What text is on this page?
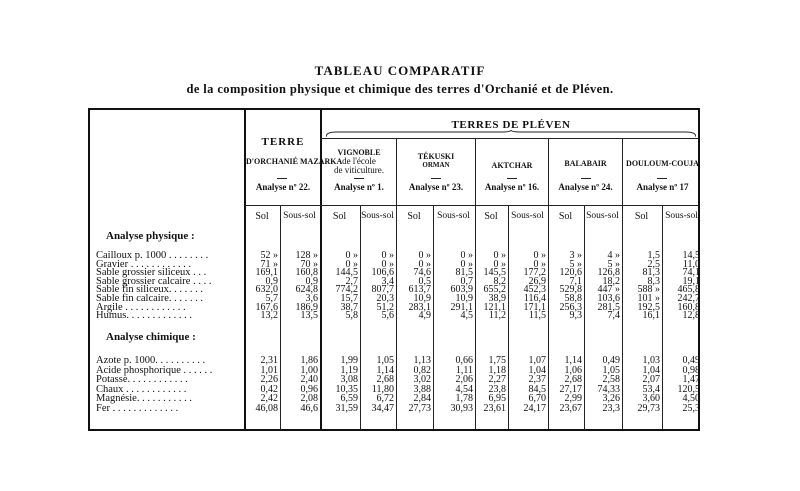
TABLEAU COMPARATIF
de la composition physique et chimique des terres d'Orchanié et de Pléven.
TERRE
TERRES DE PLÉVEN
D'ORCHANIÉ MAZARKA
Analyse nº 22.
VIGNOBLE
de l'école
de viticulture.
Analyse nº 1.
TÉKUSKI
ORMAN
Analyse nº 23.
AKTCHAR
Analyse nº 16.
BALABAIR
Analyse nº 24.
DOULOUM-COUJA
Analyse nº 17
Sol	Sous-sol	Sol	Sous-sol	Sol	Sous-sol	Sol	Sous-sol	Sol	Sous-sol	Sol	Sous-sol
Analyse physique :
Analyse chimique :
Cailloux p. 1000 . . . . . . . .	52 »	128 »	0 »	0 »	0 »	0 »	0 »	0 »	3 »	4 »	1,5	14,5
Gravier . . . . . . . . . . . .	71 »	70 »	0 »	0 »	0 »	0 »	0 »	0 »	5 »	5 »	2,5	11,0
Sable grossier siliceux . . .	169,1	160,8	144,5	106,6	74,6	81,5	145,5	177,2	120,6	126,8	81,3	74,1
Sable grossier calcaire . . . .	0,9	0,9	2,7	3,4	0,5	0,7	8,2	26,9	7,1	18,2	8,3	19,1
Sable fin siliceux. . . . . . .	632,0	624,8	774,2	807,7	613,7	603,9	655,2	452,3	529,8	447 »	588 »	465,8
Sable fin calcaire. . . . . . .	5,7	3,6	15,7	20,3	10,9	10,9	38,9	116,4	58,8	103,6	101 »	242,7
Argile . . . . . . . . . . . .	167,6	186,9	38,7	51,2	283,1	291,1	121,1	171,1	256,3	281,5	192,5	160,8
Humus. . . . . . . . . . . . .	13,2	13,5	5,8	5,6	4,9	4,5	11,2	11,5	9,3	7,4	16,1	12,8
Azote p. 1000. . . . . . . . . .	2,31	1,86	1,99	1,05	1,13	0,66	1,75	1,07	1,14	0,49	1,03	0,49
Acide phosphorique . . . . . .	1,01	1,00	1,19	1,14	0,82	1,11	1,18	1,04	1,06	1,05	1,04	0,98
Potasse. . . . . . . . . . . .	2,26	2,40	3,08	2,68	3,02	2,06	2,27	2,37	2,68	2,58	2,07	1,47
Chaux . . . . . . . . . . . .	0,42	0,96	10,35	11,80	3,88	4,54	23,8	84,5	27,17	74,33	53,4	120,5
Magnésie. . . . . . . . . . .	2,42	2,08	6,59	6,72	2,84	1,78	6,95	6,70	2,99	3,26	3,60	4,50
Fer . . . . . . . . . . . . .	46,08	46,6	31,59	34,47	27,73	30,93	23,61	24,17	23,67	23,3	29,73	25,3
